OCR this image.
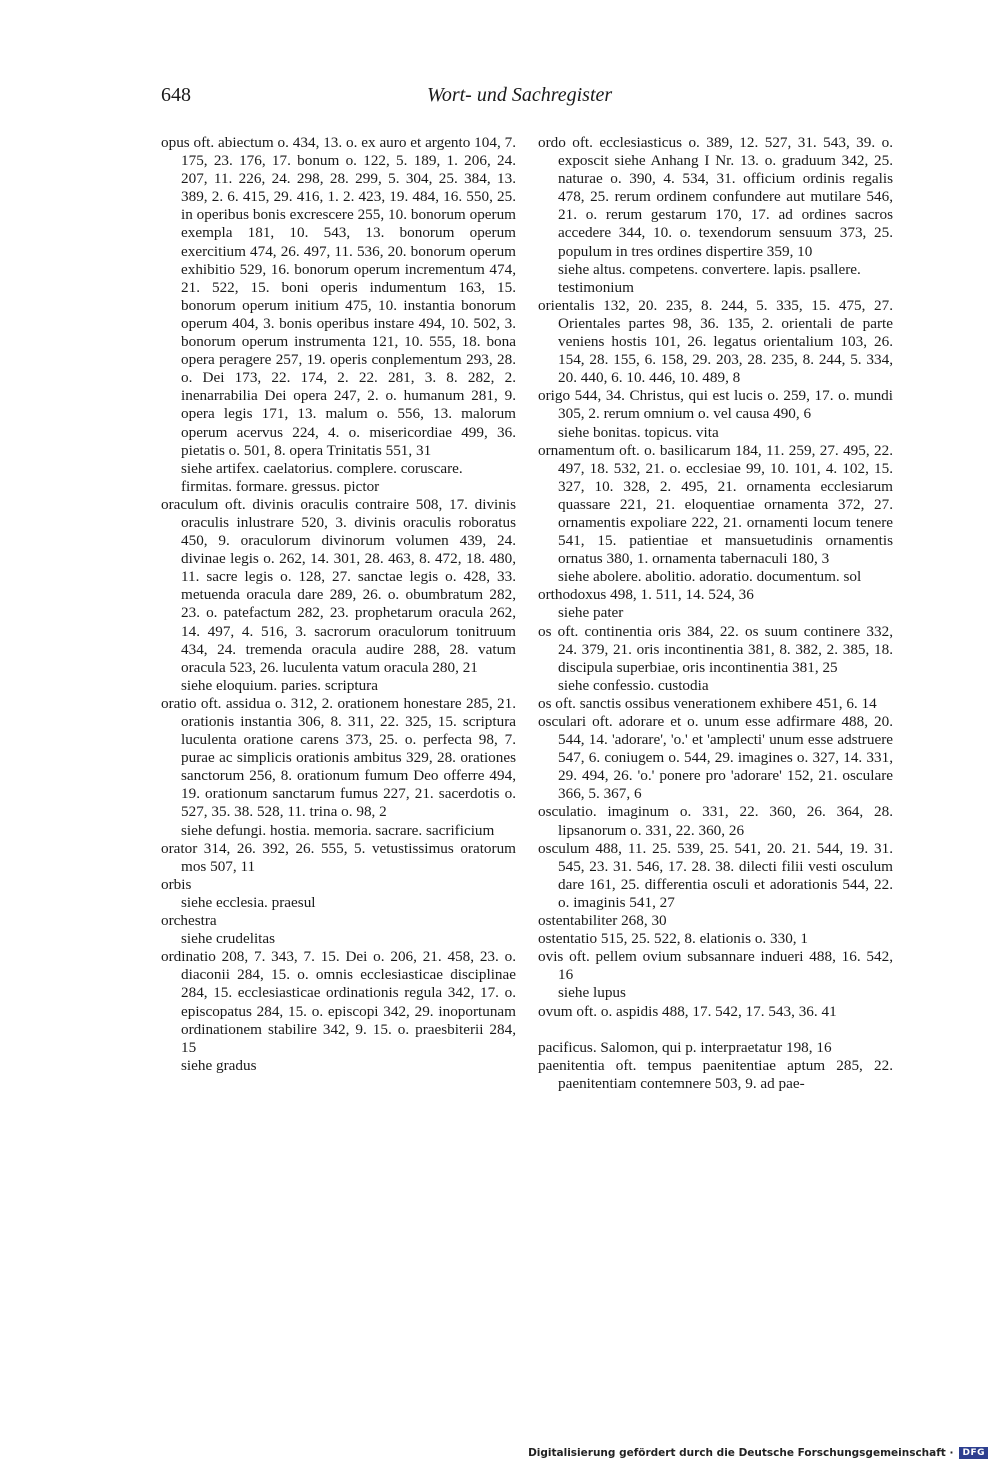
648	Wort- und Sachregister
opus oft. abiectum o. 434, 13. o. ex auro et argento 104, 7. 175, 23. 176, 17. bonum o. 122, 5. 189, 1. 206, 24. 207, 11. 226, 24. 298, 28. 299, 5. 304, 25. 384, 13. 389, 2. 6. 415, 29. 416, 1. 2. 423, 19. 484, 16. 550, 25. in operibus bonis excrescere 255, 10. bonorum operum exempla 181, 10. 543, 13. bonorum operum exercitium 474, 26. 497, 11. 536, 20. bonorum operum exhibitio 529, 16. bonorum operum incrementum 474, 21. 522, 15. boni operis indumentum 163, 15. bonorum operum initium 475, 10. instantia bonorum operum 404, 3. bonis operibus instare 494, 10. 502, 3. bonorum operum instrumenta 121, 10. 555, 18. bona opera peragere 257, 19. operis conplementum 293, 28. o. Dei 173, 22. 174, 2. 22. 281, 3. 8. 282, 2. inenarrabilia Dei opera 247, 2. o. humanum 281, 9. opera legis 171, 13. malum o. 556, 13. malorum operum acervus 224, 4. o. misericordiae 499, 36. pietatis o. 501, 8. opera Trinitatis 551, 31
siehe artifex. caelatorius. complere. coruscare. firmitas. formare. gressus. pictor
oraculum oft. divinis oraculis contraire 508, 17. divinis oraculis inlustrare 520, 3. divinis oraculis roboratus 450, 9. oraculorum divinorum volumen 439, 24. divinae legis o. 262, 14. 301, 28. 463, 8. 472, 18. 480, 11. sacre legis o. 128, 27. sanctae legis o. 428, 33. metuenda oracula dare 289, 26. o. obumbratum 282, 23. o. patefactum 282, 23. prophetarum oracula 262, 14. 497, 4. 516, 3. sacrorum oraculorum tonitruum 434, 24. tremenda oracula audire 288, 28. vatum oracula 523, 26. luculenta vatum oracula 280, 21
siehe eloquium. paries. scriptura
oratio oft. assidua o. 312, 2. orationem honestare 285, 21. orationis instantia 306, 8. 311, 22. 325, 15. scriptura luculenta oratione carens 373, 25. o. perfecta 98, 7. purae ac simplicis orationis ambitus 329, 28. orationes sanctorum 256, 8. orationum fumum Deo offerre 494, 19. orationum sanctarum fumus 227, 21. sacerdotis o. 527, 35. 38. 528, 11. trina o. 98, 2
siehe defungi. hostia. memoria. sacrare. sacrificium
orator 314, 26. 392, 26. 555, 5. vetustissimus oratorum mos 507, 11
orbis
siehe ecclesia. praesul
orchestra
siehe crudelitas
ordinatio 208, 7. 343, 7. 15. Dei o. 206, 21. 458, 23. o. diaconii 284, 15. o. omnis ecclesiasticae disciplinae 284, 15. ecclesiasticae ordinationis regula 342, 17. o. episcopatus 284, 15. o. episcopi 342, 29. inoportunam ordinationem stabilire 342, 9. 15. o. praesbiterii 284, 15
siehe gradus
ordo oft. ecclesiasticus o. 389, 12. 527, 31. 543, 39. o. exposcit siehe Anhang I Nr. 13. o. graduum 342, 25. naturae o. 390, 4. 534, 31. officium ordinis regalis 478, 25. rerum ordinem confundere aut mutilare 546, 21. o. rerum gestarum 170, 17. ad ordines sacros accedere 344, 10. o. texendorum sensuum 373, 25. populum in tres ordines dispertire 359, 10
siehe altus. competens. convertere. lapis. psallere. testimonium
orientalis 132, 20. 235, 8. 244, 5. 335, 15. 475, 27. Orientales partes 98, 36. 135, 2. orientali de parte veniens hostis 101, 26. legatus orientalium 103, 26. 154, 28. 155, 6. 158, 29. 203, 28. 235, 8. 244, 5. 334, 20. 440, 6. 10. 446, 10. 489, 8
origo 544, 34. Christus, qui est lucis o. 259, 17. o. mundi 305, 2. rerum omnium o. vel causa 490, 6
siehe bonitas. topicus. vita
ornamentum oft. o. basilicarum 184, 11. 259, 27. 495, 22. 497, 18. 532, 21. o. ecclesiae 99, 10. 101, 4. 102, 15. 327, 10. 328, 2. 495, 21. ornamenta ecclesiarum quassare 221, 21. eloquentiae ornamenta 372, 27. ornamentis expoliare 222, 21. ornamenti locum tenere 541, 15. patientiae et mansuetudinis ornamentis ornatus 380, 1. ornamenta tabernaculi 180, 3
siehe abolere. abolitio. adoratio. documentum. sol
orthodoxus 498, 1. 511, 14. 524, 36
siehe pater
os oft. continentia oris 384, 22. os suum continere 332, 24. 379, 21. oris incontinentia 381, 8. 382, 2. 385, 18. discipula superbiae, oris incontinentia 381, 25
siehe confessio. custodia
os oft. sanctis ossibus venerationem exhibere 451, 6. 14
osculari oft. adorare et o. unum esse adfirmare 488, 20. 544, 14. 'adorare', 'o.' et 'amplecti' unum esse adstruere 547, 6. coniugem o. 544, 29. imagines o. 327, 14. 331, 29. 494, 26. 'o.' ponere pro 'adorare' 152, 21. osculare 366, 5. 367, 6
osculatio. imaginum o. 331, 22. 360, 26. 364, 28. lipsanorum o. 331, 22. 360, 26
osculum 488, 11. 25. 539, 25. 541, 20. 21. 544, 19. 31. 545, 23. 31. 546, 17. 28. 38. dilecti filii vesti osculum dare 161, 25. differentia osculi et adorationis 544, 22. o. imaginis 541, 27
ostentabiliter 268, 30
ostentatio 515, 25. 522, 8. elationis o. 330, 1
ovis oft. pellem ovium subsannare indueri 488, 16. 542, 16
siehe lupus
ovum oft. o. aspidis 488, 17. 542, 17. 543, 36. 41
pacificus. Salomon, qui p. interpraetatur 198, 16
paenitentia oft. tempus paenitentiae aptum 285, 22. paenitentiam contemnere 503, 9. ad pae-
Digitalisierung gefördert durch die Deutsche Forschungsgemeinschaft ·	DFG
